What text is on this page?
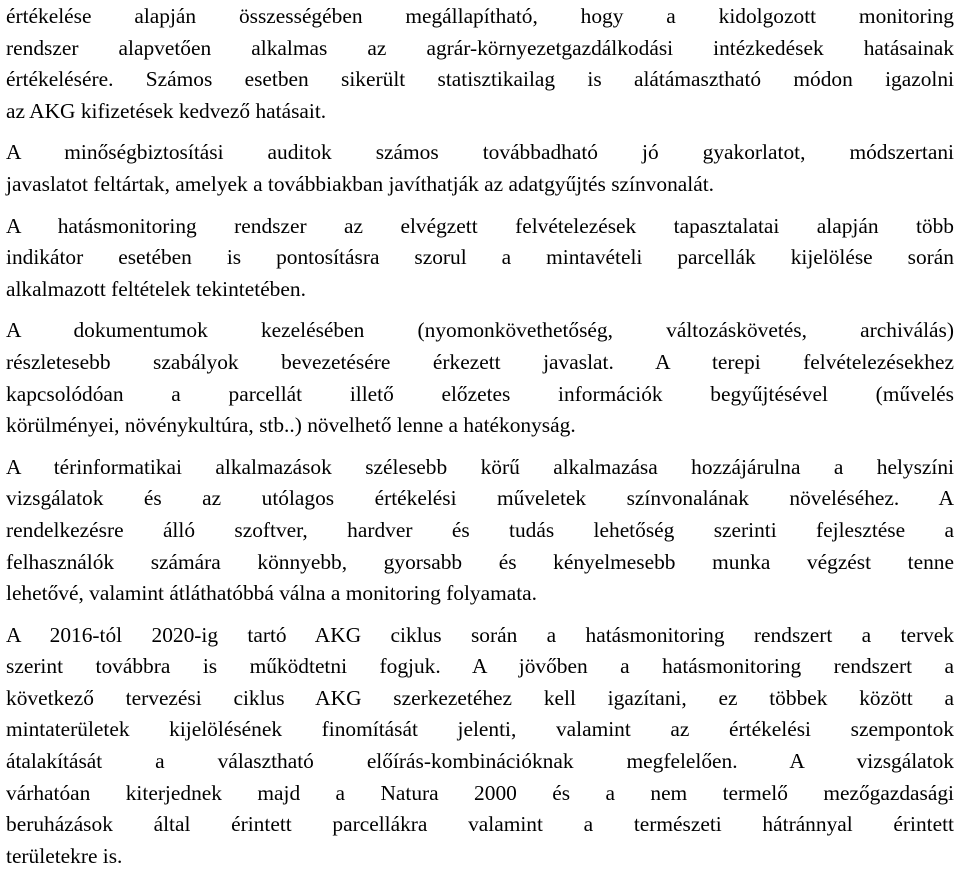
értékelése alapján összességében megállapítható, hogy a kidolgozott monitoring
rendszer alapvetően alkalmas az agrár-környezetgazdálkodási intézkedések hatásainak
értékelésére. Számos esetben sikerült statisztikailag is alátámasztható módon igazolni
az AKG kifizetések kedvező hatásait.
A minőségbiztosítási auditok számos továbbadható jó gyakorlatot, módszertani
javaslatot feltártak, amelyek a továbbiakban javíthatják az adatgyűjtés színvonalát.
A hatásmonitoring rendszer az elvégzett felvételezések tapasztalatai alapján több
indikátor esetében is pontosításra szorul a mintavételi parcellák kijelölése során
alkalmazott feltételek tekintetében.
A dokumentumok kezelésében (nyomonkövethetőség, változáskövetés, archiválás)
részletesebb szabályok bevezetésére érkezett javaslat. A terepi felvételezésekhez
kapcsolódóan a parcellát illető előzetes információk begyűjtésével (művelés
körülményei, növénykultúra, stb..) növelhető lenne a hatékonyság.
A térinformatikai alkalmazások szélesebb körű alkalmazása hozzájárulna a helyszíni
vizsgálatok és az utólagos értékelési műveletek színvonalának növeléséhez. A
rendelkezésre álló szoftver, hardver és tudás lehetőség szerinti fejlesztése a
felhasználók számára könnyebb, gyorsabb és kényelmesebb munka végzést tenne
lehetővé, valamint átláthatóbbá válna a monitoring folyamata.
A 2016-tól 2020-ig tartó AKG ciklus során a hatásmonitoring rendszert a tervek
szerint továbbra is működtetni fogjuk. A jövőben a hatásmonitoring rendszert a
következő tervezési ciklus AKG szerkezetéhez kell igazítani, ez többek között a
mintaterületek kijelölésének finomítását jelenti, valamint az értékelési szempontok
átalakítását a választható előírás-kombinációknak megfelelően. A vizsgálatok
várhatóan kiterjednek majd a Natura 2000 és a nem termelő mezőgazdasági
beruházások által érintett parcellákra valamint a természeti hátránnyal érintett
területekre is.
